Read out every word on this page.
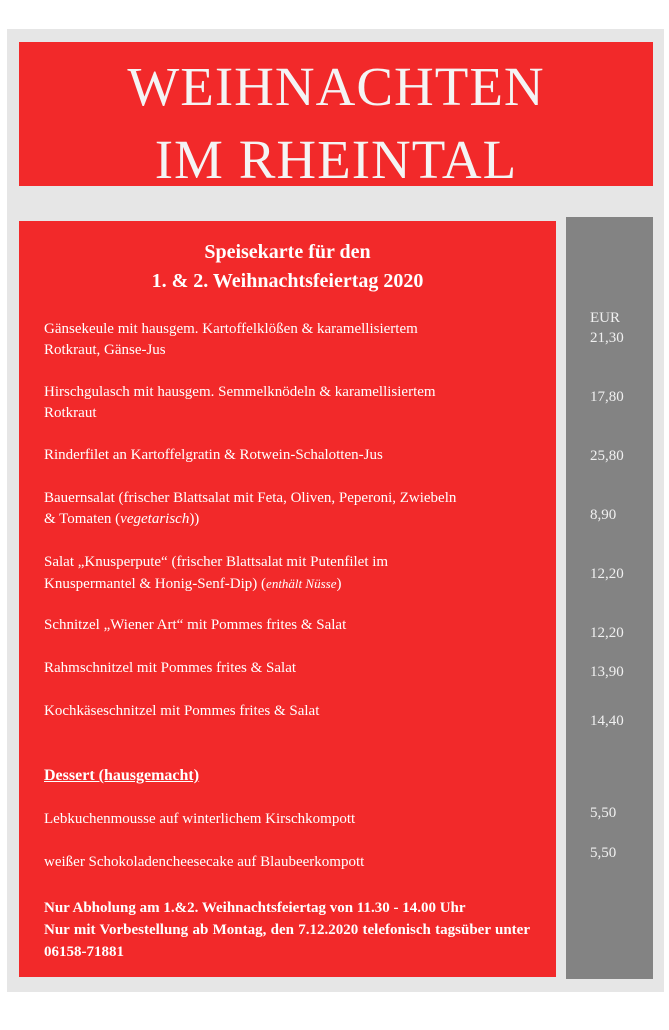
WEIHNACHTEN
IM RHEINTAL
Speisekarte für den
1. & 2. Weihnachtsfeiertag 2020
Gänsekeule mit hausgem. Kartoffelklößen & karamellisiertem
Rotkraut, Gänse-Jus
Hirschgulasch mit hausgem. Semmelknödeln & karamellisiertem
Rotkraut
Rinderfilet an Kartoffelgratin & Rotwein-Schalotten-Jus
Bauernsalat (frischer Blattsalat mit Feta, Oliven, Peperoni, Zwiebeln
& Tomaten (vegetarisch))
Salat „Knusperpute“ (frischer Blattsalat mit Putenfilet im
Knuspermantel & Honig-Senf-Dip) (enthält Nüsse)
Schnitzel „Wiener Art“ mit Pommes frites & Salat
Rahmschnitzel mit Pommes frites & Salat
Kochkäseschnitzel mit Pommes frites & Salat
Dessert (hausgemacht)
Lebkuchenmousse auf winterlichem Kirschkompott
weißer Schokoladencheesecake auf Blaubeerkompott
Nur Abholung am 1.&2. Weihnachtsfeiertag von 11.30 - 14.00 Uhr
Nur mit Vorbestellung ab Montag, den 7.12.2020 telefonisch tagsüber unter 06158-71881
EUR
21,30
17,80
25,80
8,90
12,20
12,20
13,90
14,40
5,50
5,50
